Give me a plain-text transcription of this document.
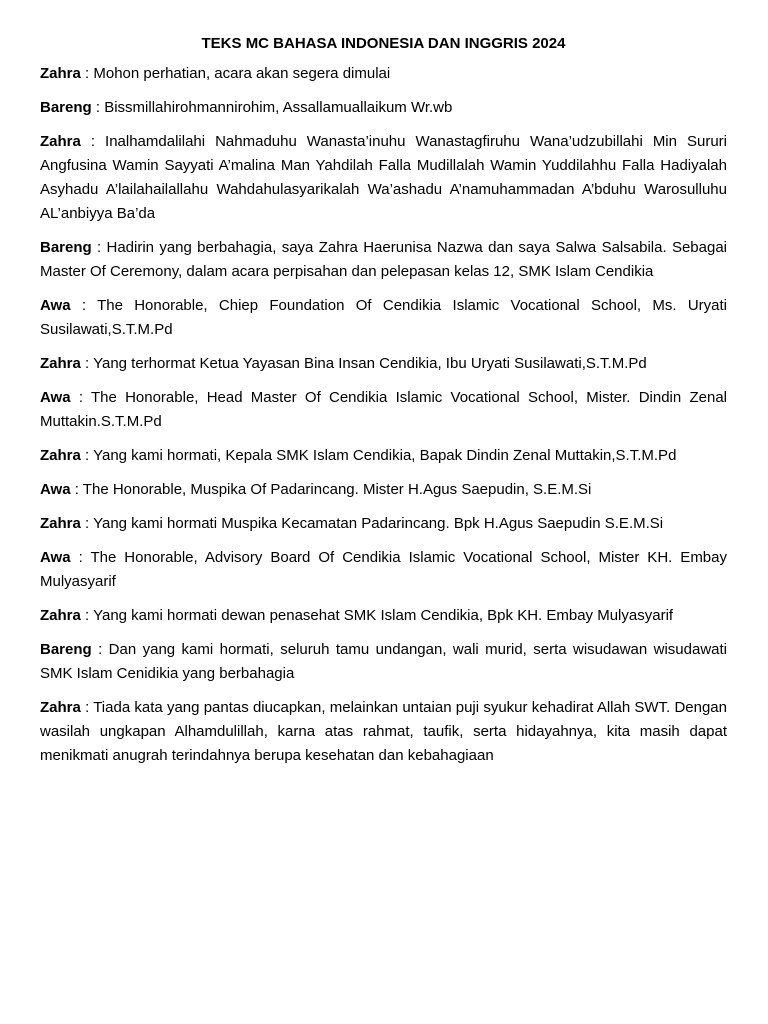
TEKS MC BAHASA INDONESIA DAN INGGRIS 2024

Zahra : Mohon perhatian, acara akan segera dimulai

Bareng : Bissmillahirohmannirohim, Assallamuallaikum Wr.wb

Zahra : Inalhamdalilahi Nahmaduhu Wanasta’inuhu Wanastagfiruhu Wana’udzubillahi Min Sururi Angfusina Wamin Sayyati A’malina Man Yahdilah Falla Mudillalah Wamin Yuddilahhu Falla Hadiyalah Asyhadu A’lailahailallahu Wahdahulasyarikalah Wa’ashadu A’namuhammadan A’bduhu Warosulluhu AL’anbiyya Ba’da

Bareng : Hadirin yang berbahagia, saya Zahra Haerunisa Nazwa dan saya Salwa Salsabila. Sebagai Master Of Ceremony, dalam acara perpisahan dan pelepasan kelas 12, SMK Islam Cendikia

Awa : The Honorable, Chiep Foundation Of Cendikia Islamic Vocational School, Ms. Uryati Susilawati,S.T.M.Pd

Zahra : Yang terhormat Ketua Yayasan Bina Insan Cendikia, Ibu Uryati Susilawati,S.T.M.Pd

Awa : The Honorable, Head Master Of Cendikia Islamic Vocational School, Mister. Dindin Zenal Muttakin.S.T.M.Pd

Zahra : Yang kami hormati, Kepala SMK Islam Cendikia, Bapak Dindin Zenal Muttakin,S.T.M.Pd

Awa : The Honorable, Muspika Of Padarincang. Mister H.Agus Saepudin, S.E.M.Si

Zahra : Yang kami hormati Muspika Kecamatan Padarincang. Bpk H.Agus Saepudin S.E.M.Si

Awa : The Honorable, Advisory Board Of Cendikia Islamic Vocational School, Mister KH. Embay Mulyasyarif

Zahra : Yang kami hormati dewan penasehat SMK Islam Cendikia, Bpk KH. Embay Mulyasyarif

Bareng : Dan yang kami hormati, seluruh tamu undangan, wali murid, serta wisudawan wisudawati SMK Islam Cenidikia yang berbahagia

Zahra : Tiada kata yang pantas diucapkan, melainkan untaian puji syukur kehadirat Allah SWT. Dengan wasilah ungkapan Alhamdulillah, karna atas rahmat, taufik, serta hidayahnya, kita masih dapat menikmati anugrah terindahnya berupa kesehatan dan kebahagiaan
